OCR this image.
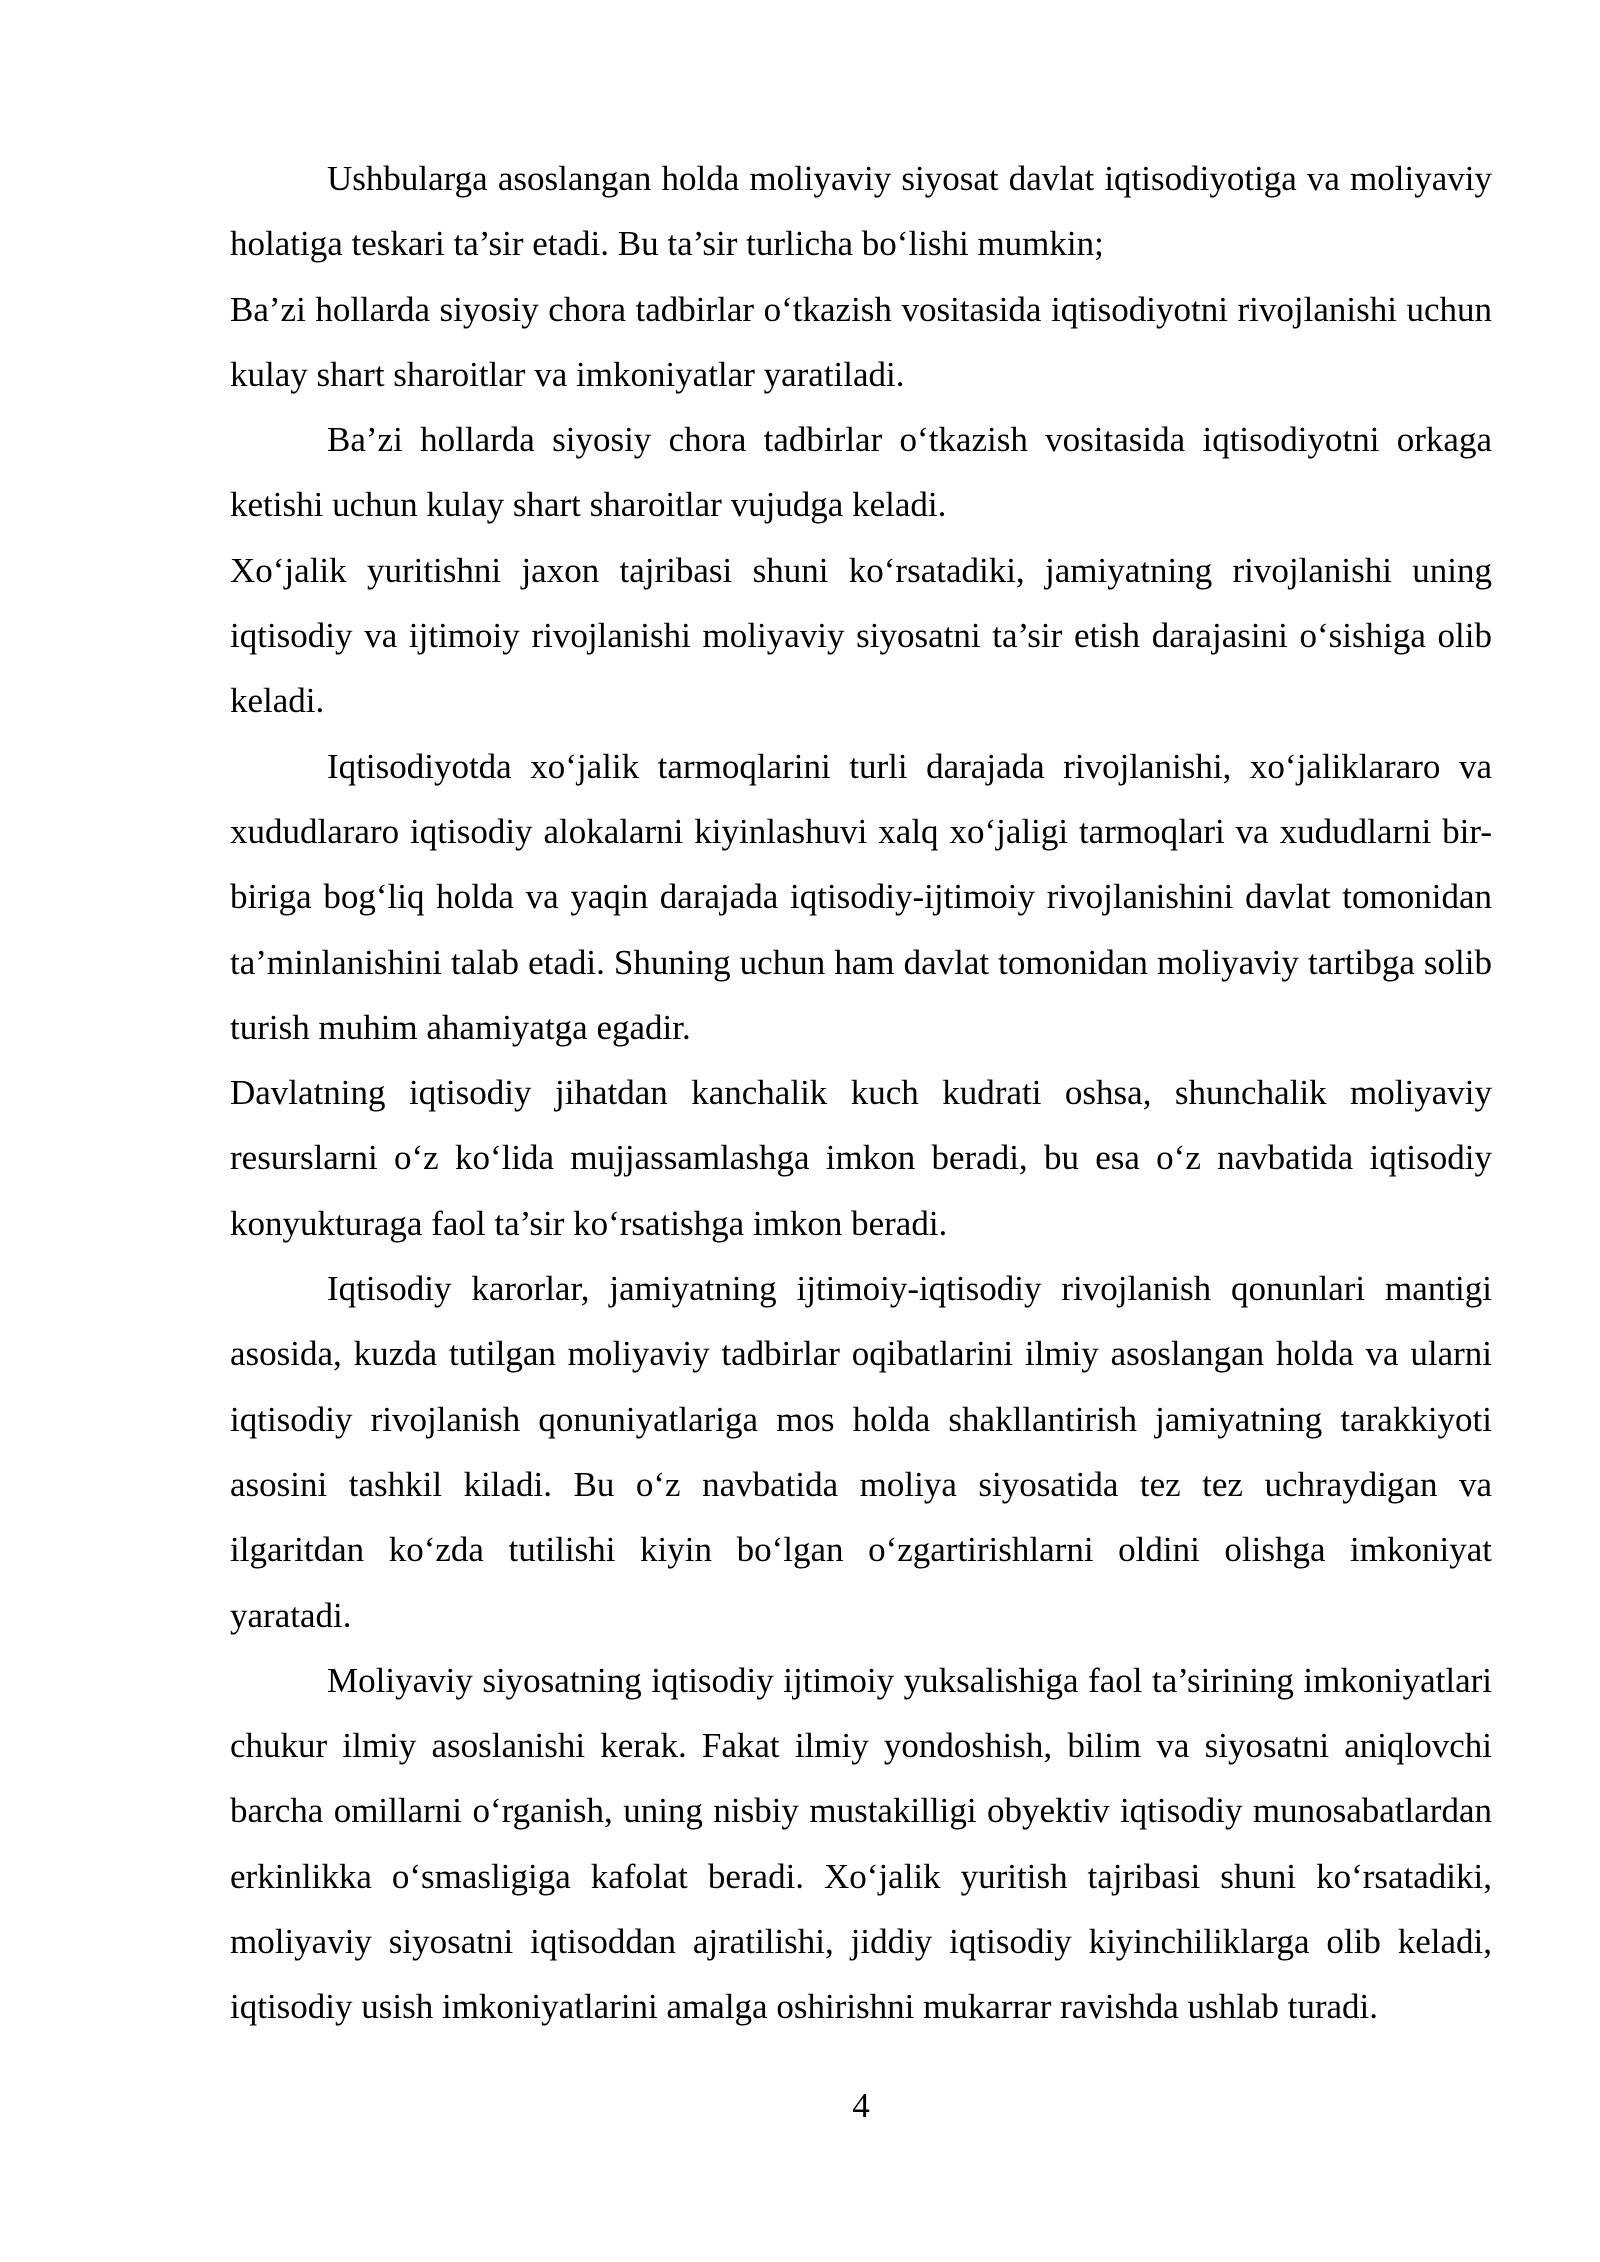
Ushbularga asoslangan holda moliyaviy siyosat davlat iqtisodiyotiga va moliyaviy holatiga teskari ta’sir etadi. Bu ta’sir turlicha bo‘lishi mumkin;

Ba’zi hollarda siyosiy chora tadbirlar o‘tkazish vositasida iqtisodiyotni rivojlanishi uchun kulay shart sharoitlar va imkoniyatlar yaratiladi.

Ba’zi hollarda siyosiy chora tadbirlar o‘tkazish vositasida iqtisodiyotni orkaga ketishi uchun kulay shart sharoitlar vujudga keladi.

Xo‘jalik yuritishni jaxon tajribasi shuni ko‘rsatadiki, jamiyatning rivojlanishi uning iqtisodiy va ijtimoiy rivojlanishi moliyaviy siyosatni ta’sir etish darajasini o‘sishiga olib keladi.

Iqtisodiyotda xo‘jalik tarmoqlarini turli darajada rivojlanishi, xo‘jaliklararo va xududlararo iqtisodiy alokalarni kiyinlashuvi xalq xo‘jaligi tarmoqlari va xududlarni bir-biriga bog‘liq holda va yaqin darajada iqtisodiy-ijtimoiy rivojlanishini davlat tomonidan ta’minlanishini talab etadi. Shuning uchun ham davlat tomonidan moliyaviy tartibga solib turish muhim ahamiyatga egadir.

Davlatning iqtisodiy jihatdan kanchalik kuch kudrati oshsa, shunchalik moliyaviy resurslarni o‘z ko‘lida mujjassamlashga imkon beradi, bu esa o‘z navbatida iqtisodiy konyukturaga faol ta’sir ko‘rsatishga imkon beradi.

Iqtisodiy karorlar, jamiyatning ijtimoiy-iqtisodiy rivojlanish qonunlari mantigi asosida, kuzda tutilgan moliyaviy tadbirlar oqibatlarini ilmiy asoslangan holda va ularni iqtisodiy rivojlanish qonuniyatlariga mos holda shakllantirish jamiyatning tarakkiyoti asosini tashkil kiladi. Bu o‘z navbatida moliya siyosatida tez tez uchraydigan va ilgaritdan ko‘zda tutilishi kiyin bo‘lgan o‘zgartirishlarni oldini olishga imkoniyat yaratadi.

Moliyaviy siyosatning iqtisodiy ijtimoiy yuksalishiga faol ta’sirining imkoniyatlari chukur ilmiy asoslanishi kerak. Fakat ilmiy yondoshish, bilim va siyosatni aniqlovchi barcha omillarni o‘rganish, uning nisbiy mustakilligi obyektiv iqtisodiy munosabatlardan erkinlikka o‘smasligiga kafolat beradi. Xo‘jalik yuritish tajribasi shuni ko‘rsatadiki, moliyaviy siyosatni iqtisoddan ajratilishi, jiddiy iqtisodiy kiyinchiliklarga olib keladi, iqtisodiy usish imkoniyatlarini amalga oshirishni mukarrar ravishda ushlab turadi.

4
